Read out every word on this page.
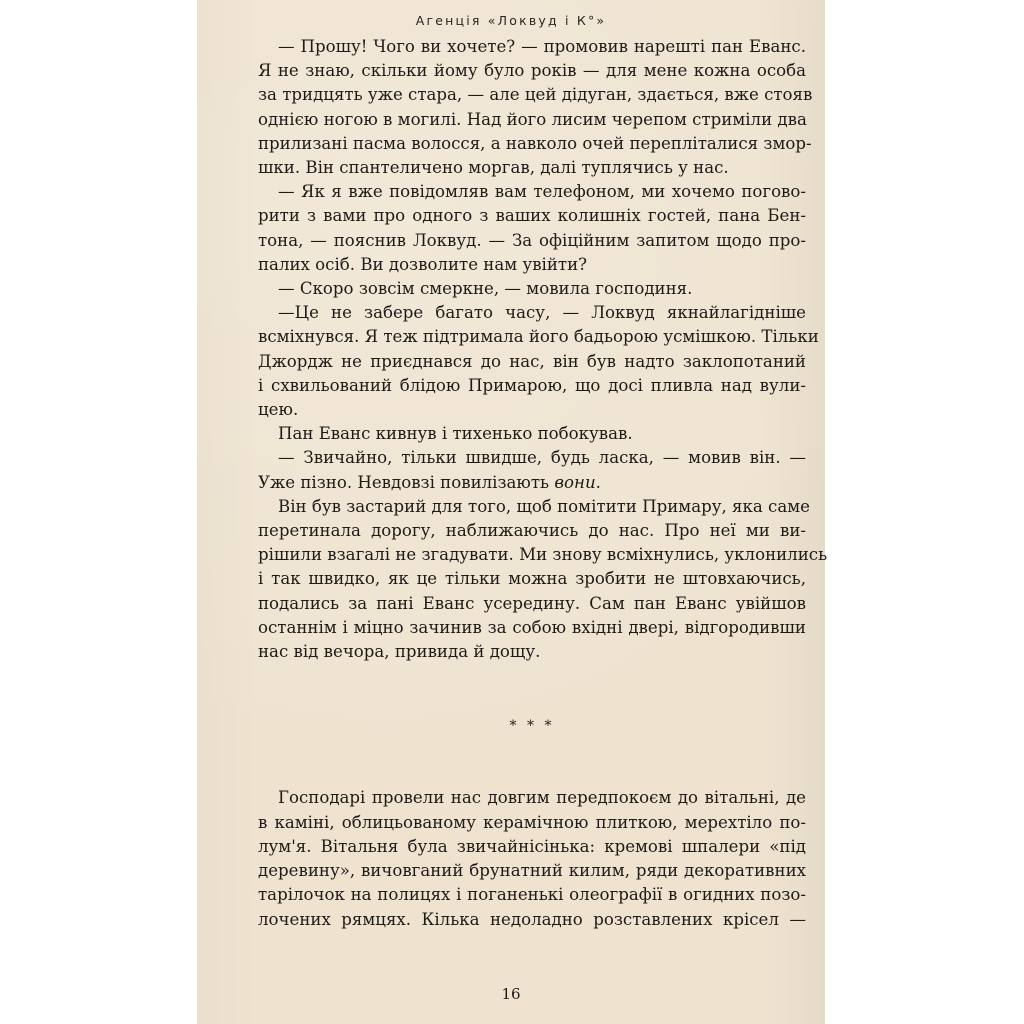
Агенція «Локвуд і К°»
— Прошу! Чого ви хочете? — промовив нарешті пан Еванс.
Я не знаю, скільки йому було років — для мене кожна особа
за тридцять уже стара, — але цей дідуган, здається, вже стояв
однією ногою в могилі. Над його лисим черепом стриміли два
прилизані пасма волосся, а навколо очей перепліталися змор-
шки. Він спантеличено моргав, далі туплячись у нас.
— Як я вже повідомляв вам телефоном, ми хочемо погово-
рити з вами про одного з ваших колишніх гостей, пана Бен-
тона, — пояснив Локвуд. — За офіційним запитом щодо про-
палих осіб. Ви дозволите нам увійти?
— Скоро зовсім смеркне, — мовила господиня.
—Це не забере багато часу, — Локвуд якнайлагідніше
всміхнувся. Я теж підтримала його бадьорою усмішкою. Тільки
Джордж не приєднався до нас, він був надто заклопотаний
і схвильований блідою Примарою, що досі пливла над вули-
цею.
Пан Еванс кивнув і тихенько побокував.
— Звичайно, тільки швидше, будь ласка, — мовив він. —
Уже пізно. Невдовзі повилізають вони.
Він був застарий для того, щоб помітити Примару, яка саме
перетинала дорогу, наближаючись до нас. Про неї ми ви-
рішили взагалі не згадувати. Ми знову всміхнулись, уклонились
і так швидко, як це тільки можна зробити не штовхаючись,
подались за пані Еванс усередину. Сам пан Еванс увійшов
останнім і міцно зачинив за собою вхідні двері, відгородивши
нас від вечора, привида й дощу.
* * *
Господарі провели нас довгим передпокоєм до вітальні, де
в каміні, облицьованому керамічною плиткою, мерехтіло по-
лум'я. Вітальня була звичайнісінька: кремові шпалери «під
деревину», вичовганий брунатний килим, ряди декоративних
тарілочок на полицях і поганенькі олеографії в огидних позо-
лочених рямцях. Кілька недоладно розставлених крісел —
16
